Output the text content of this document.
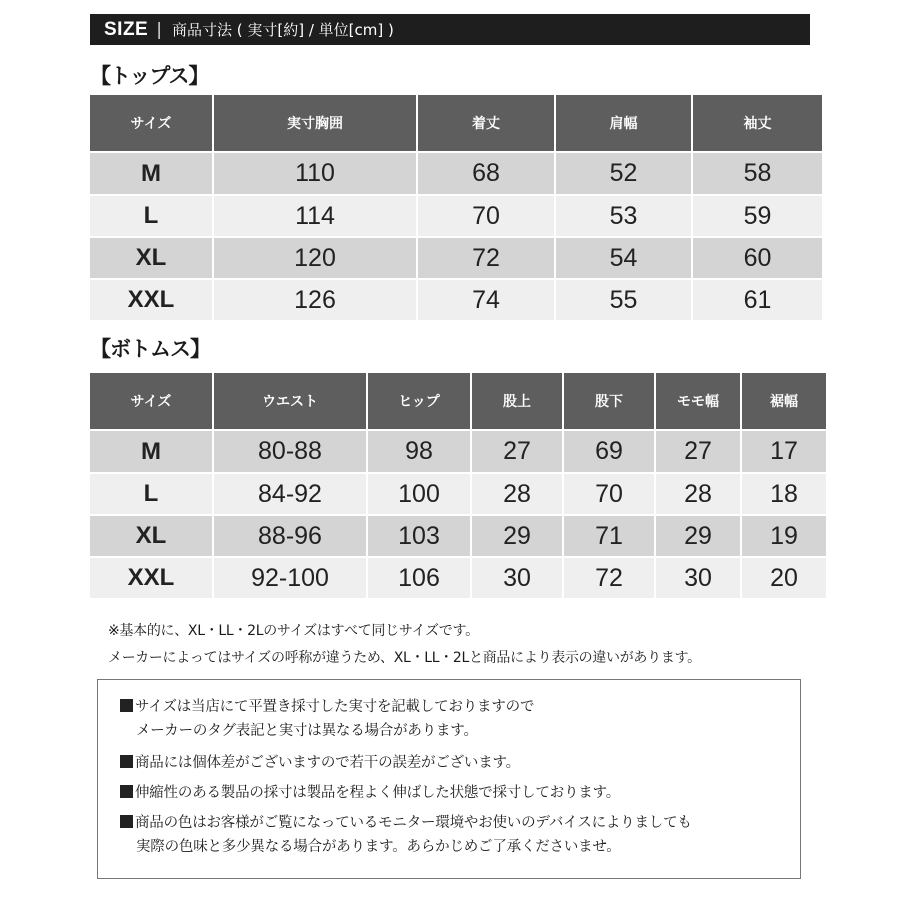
SIZE | 商品寸法 ( 実寸[約] / 単位[cm] )
【トップス】
サイズ	実寸胸囲	着丈	肩幅	袖丈
M	110	68	52	58
L	114	70	53	59
XL	120	72	54	60
XXL	126	74	55	61
【ボトムス】
サイズ	ウエスト	ヒップ	股上	股下	モモ幅	裾幅
M	80-88	98	27	69	27	17
L	84-92	100	28	70	28	18
XL	88-96	103	29	71	29	19
XXL	92-100	106	30	72	30	20
※基本的に、XL・LL・2Lのサイズはすべて同じサイズです。
メーカーによってはサイズの呼称が違うため、XL・LL・2Lと商品により表示の違いがあります。
サイズは当店にて平置き採寸した実寸を記載しておりますので
メーカーのタグ表記と実寸は異なる場合があります。
商品には個体差がございますので若干の誤差がございます。
伸縮性のある製品の採寸は製品を程よく伸ばした状態で採寸しております。
商品の色はお客様がご覧になっているモニター環境やお使いのデバイスによりましても
実際の色味と多少異なる場合があります。あらかじめご了承くださいませ。
